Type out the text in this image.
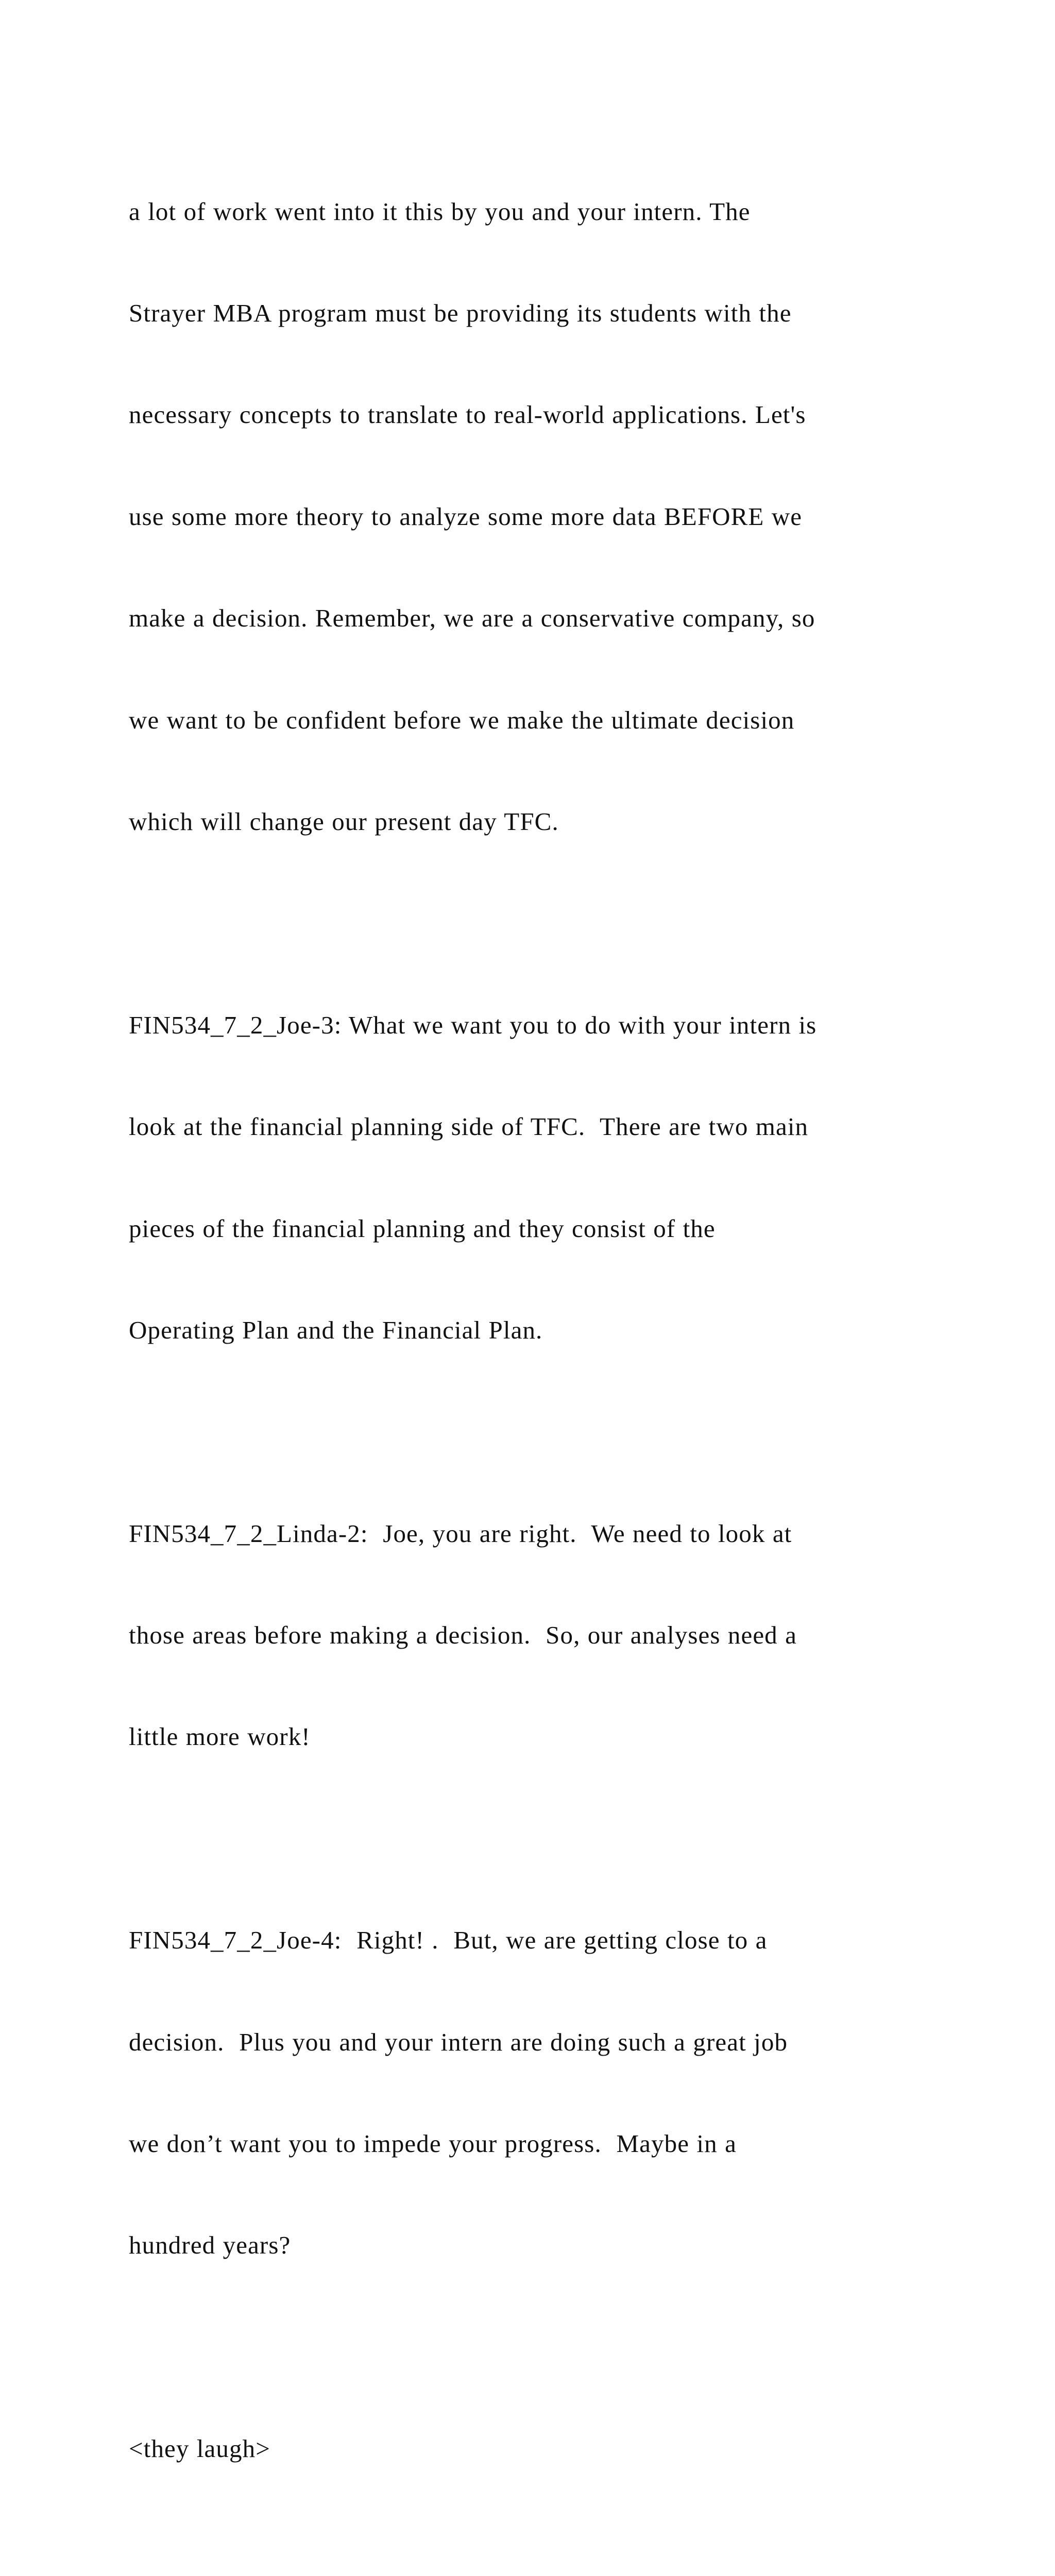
a lot of work went into it this by you and your intern. The

Strayer MBA program must be providing its students with the

necessary concepts to translate to real-world applications. Let's

use some more theory to analyze some more data BEFORE we

make a decision. Remember, we are a conservative company, so

we want to be confident before we make the ultimate decision

which will change our present day TFC.

FIN534_7_2_Joe-3: What we want you to do with your intern is

look at the financial planning side of TFC.  There are two main

pieces of the financial planning and they consist of the

Operating Plan and the Financial Plan.

FIN534_7_2_Linda-2:  Joe, you are right.  We need to look at

those areas before making a decision.  So, our analyses need a

little more work!

FIN534_7_2_Joe-4:  Right! .  But, we are getting close to a

decision.  Plus you and your intern are doing such a great job

we don’t want you to impede your progress.  Maybe in a

hundred years?

<they laugh>
